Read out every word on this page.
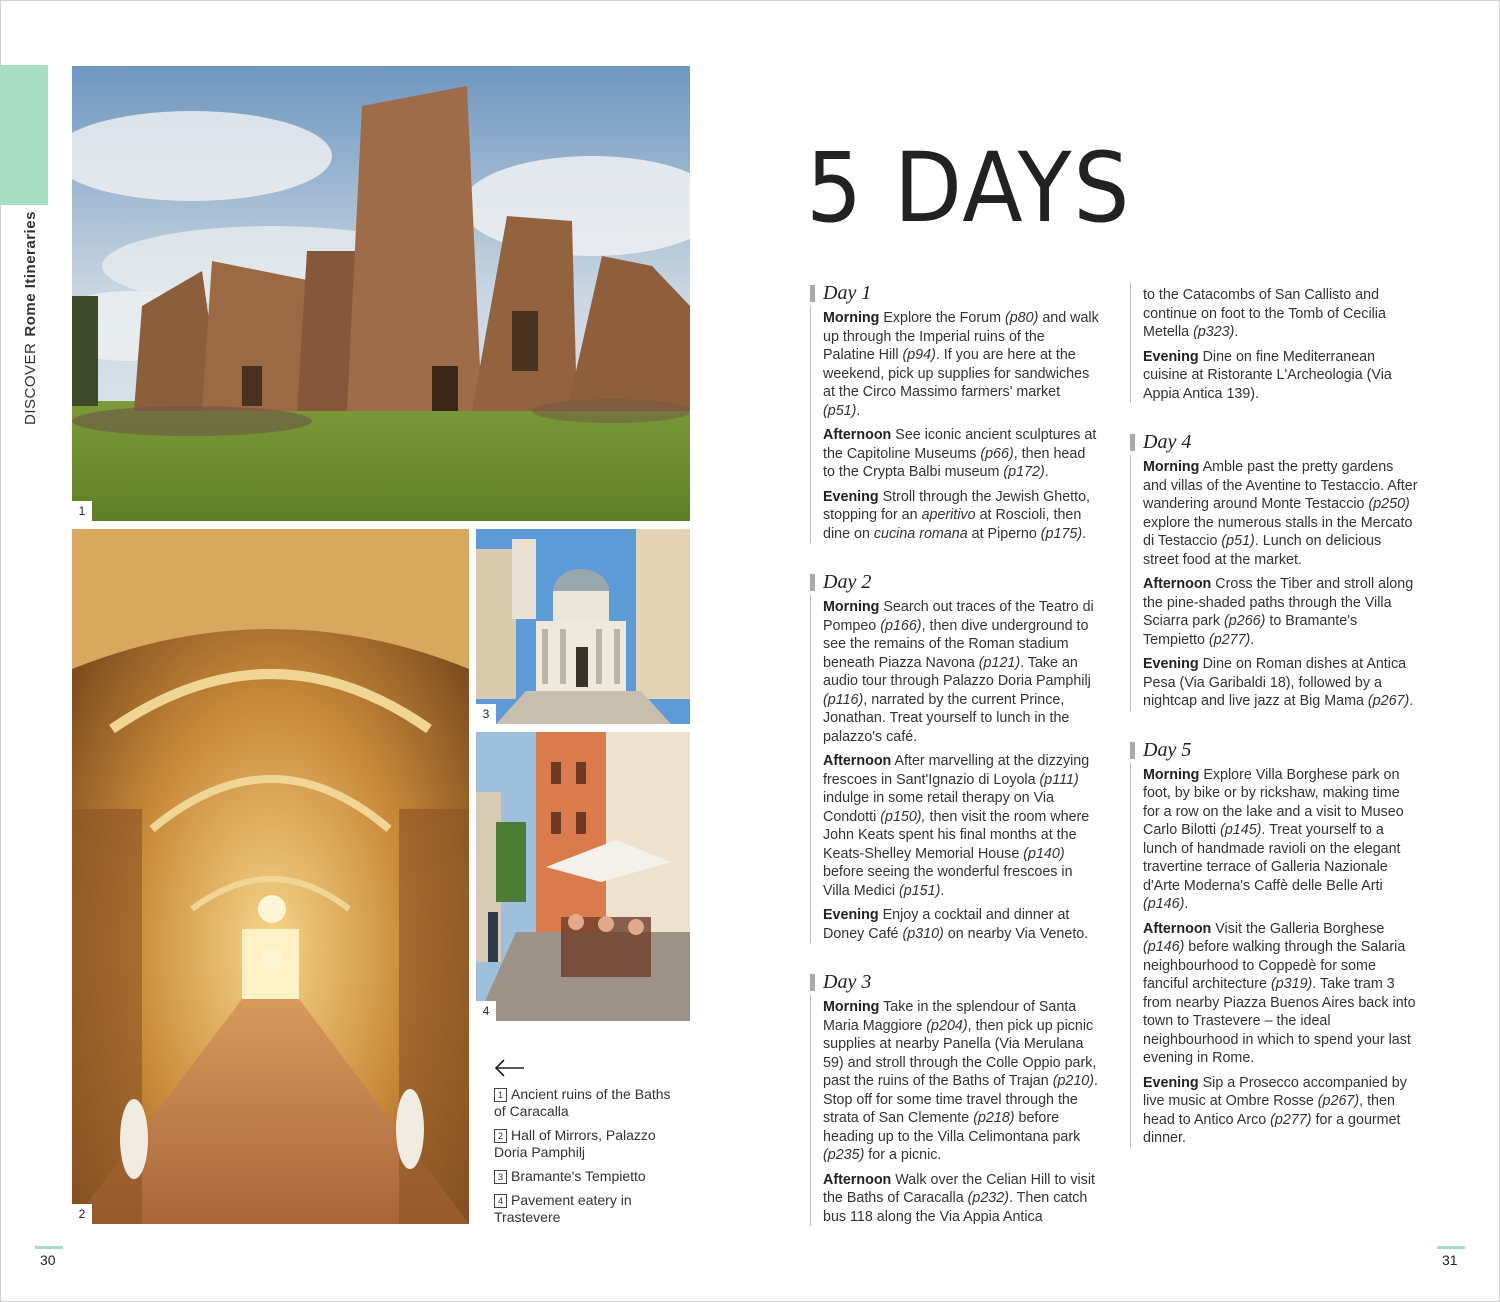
DISCOVERRome Itineraries
1
2
3
4
1 Ancient ruins of the Baths of Caracalla
2 Hall of Mirrors, Palazzo Doria Pamphilj
3 Bramante's Tempietto
4 Pavement eatery in Trastevere
5 DAYS
Day 1

Morning Explore the Forum (p80) and walk up through the Imperial ruins of the Palatine Hill (p94). If you are here at the weekend, pick up supplies for sandwiches at the Circo Massimo farmers' market (p51).

Afternoon See iconic ancient sculptures at the Capitoline Museums (p66), then head to the Crypta Balbi museum (p172).

Evening Stroll through the Jewish Ghetto, stopping for an aperitivo at Roscioli, then dine on cucina romana at Piperno (p175).

Day 2

Morning Search out traces of the Teatro di Pompeo (p166), then dive underground to see the remains of the Roman stadium beneath Piazza Navona (p121). Take an audio tour through Palazzo Doria Pamphilj (p116), narrated by the current Prince, Jonathan. Treat yourself to lunch in the palazzo's café.

Afternoon After marvelling at the dizzying frescoes in Sant'Ignazio di Loyola (p111) indulge in some retail therapy on Via Condotti (p150), then visit the room where John Keats spent his final months at the Keats-Shelley Memorial House (p140) before seeing the wonderful frescoes in Villa Medici (p151).

Evening Enjoy a cocktail and dinner at Doney Café (p310) on nearby Via Veneto.

Day 3

Morning Take in the splendour of Santa Maria Maggiore (p204), then pick up picnic supplies at nearby Panella (Via Merulana 59) and stroll through the Colle Oppio park, past the ruins of the Baths of Trajan (p210). Stop off for some time travel through the strata of San Clemente (p218) before heading up to the Villa Celimontana park (p235) for a picnic.

Afternoon Walk over the Celian Hill to visit the Baths of Caracalla (p232). Then catch bus 118 along the Via Appia Antica

to the Catacombs of San Callisto and continue on foot to the Tomb of Cecilia Metella (p323).

Evening Dine on fine Mediterranean cuisine at Ristorante L'Archeologia (Via Appia Antica 139).

Day 4

Morning Amble past the pretty gardens and villas of the Aventine to Testaccio. After wandering around Monte Testaccio (p250) explore the numerous stalls in the Mercato di Testaccio (p51). Lunch on delicious street food at the market.

Afternoon Cross the Tiber and stroll along the pine-shaded paths through the Villa Sciarra park (p266) to Bramante's Tempietto (p277).

Evening Dine on Roman dishes at Antica Pesa (Via Garibaldi 18), followed by a nightcap and live jazz at Big Mama (p267).

Day 5

Morning Explore Villa Borghese park on foot, by bike or by rickshaw, making time for a row on the lake and a visit to Museo Carlo Bilotti (p145). Treat yourself to a lunch of handmade ravioli on the elegant travertine terrace of Galleria Nazionale d'Arte Moderna's Caffè delle Belle Arti (p146).

Afternoon Visit the Galleria Borghese (p146) before walking through the Salaria neighbourhood to Coppedè for some fanciful architecture (p319). Take tram 3 from nearby Piazza Buenos Aires back into town to Trastevere – the ideal neighbourhood in which to spend your last evening in Rome.

Evening Sip a Prosecco accompanied by live music at Ombre Rosse (p267), then head to Antico Arco (p277) for a gourmet dinner.

30	31
